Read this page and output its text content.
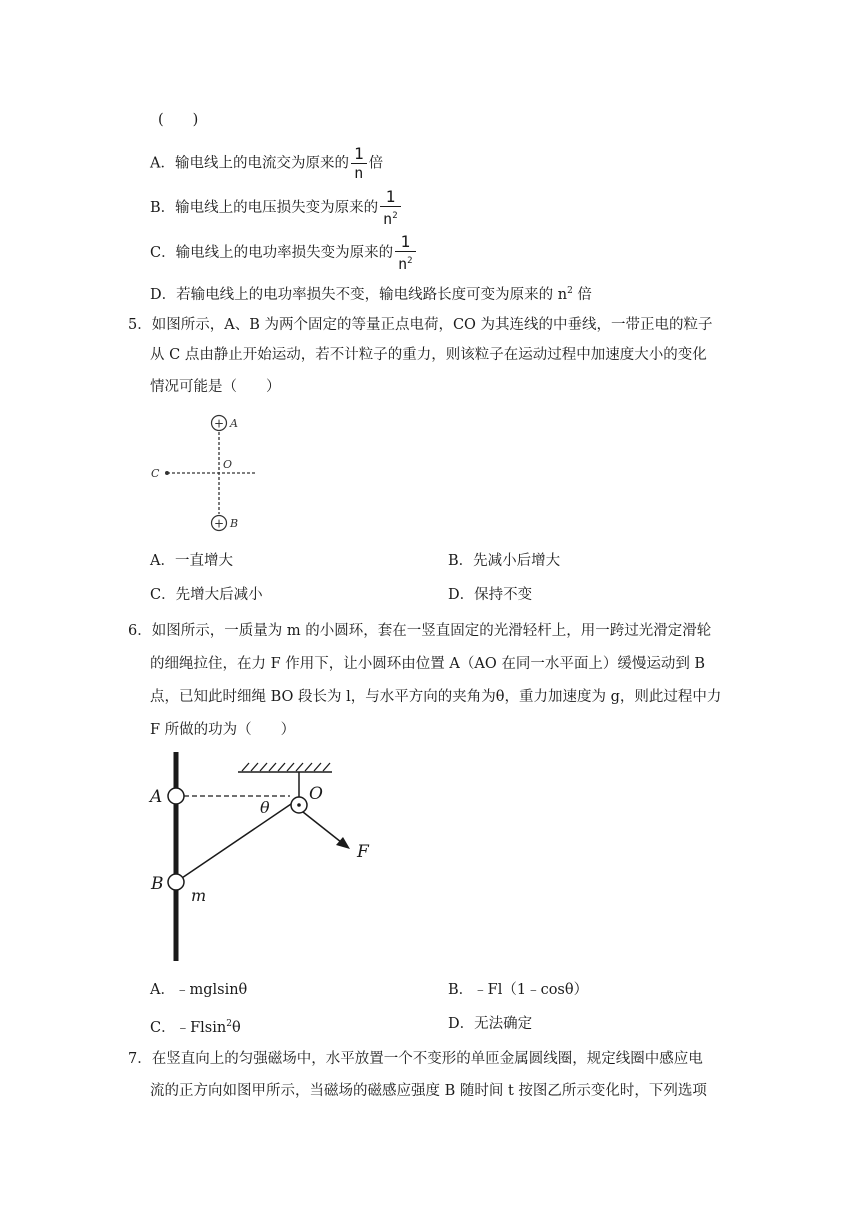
(　　)
A．输电线上的电流交为原来的 $\frac{1}{n}$ 倍
B．输电线上的电压损失变为原来的 $\frac{1}{n^2}$
C．输电线上的电功率损失变为原来的 $\frac{1}{n^2}$
D．若输电线上的电功率损失不变，输电线路长度可变为原来的 $n^2$ 倍
5．如图所示，A、B 为两个固定的等量正点电荷，CO 为其连线的中垂线，一带正电的粒子
从 C 点由静止开始运动，若不计粒子的重力，则该粒子在运动过程中加速度大小的变化
情况可能是（　　）
+
+
A
B
C
O
A．一直增大	B．先减小后增大
C．先增大后减小	D．保持不变
6．如图所示，一质量为 m 的小圆环，套在一竖直固定的光滑轻杆上，用一跨过光滑定滑轮
的细绳拉住，在力 F 作用下，让小圆环由位置 A（AO 在同一水平面上）缓慢运动到 B
点，已知此时细绳 BO 段长为 l，与水平方向的夹角为θ，重力加速度为 g，则此过程中力
F 所做的功为（　　）
A
B
O
F
θ
m
A．﹣mglsinθ	B．﹣Fl（1﹣cosθ）
C．﹣Flsin$^2$θ	D．无法确定
7．在竖直向上的匀强磁场中，水平放置一个不变形的单匝金属圆线圈，规定线圈中感应电
流的正方向如图甲所示，当磁场的磁感应强度 B 随时间 t 按图乙所示变化时，下列选项
